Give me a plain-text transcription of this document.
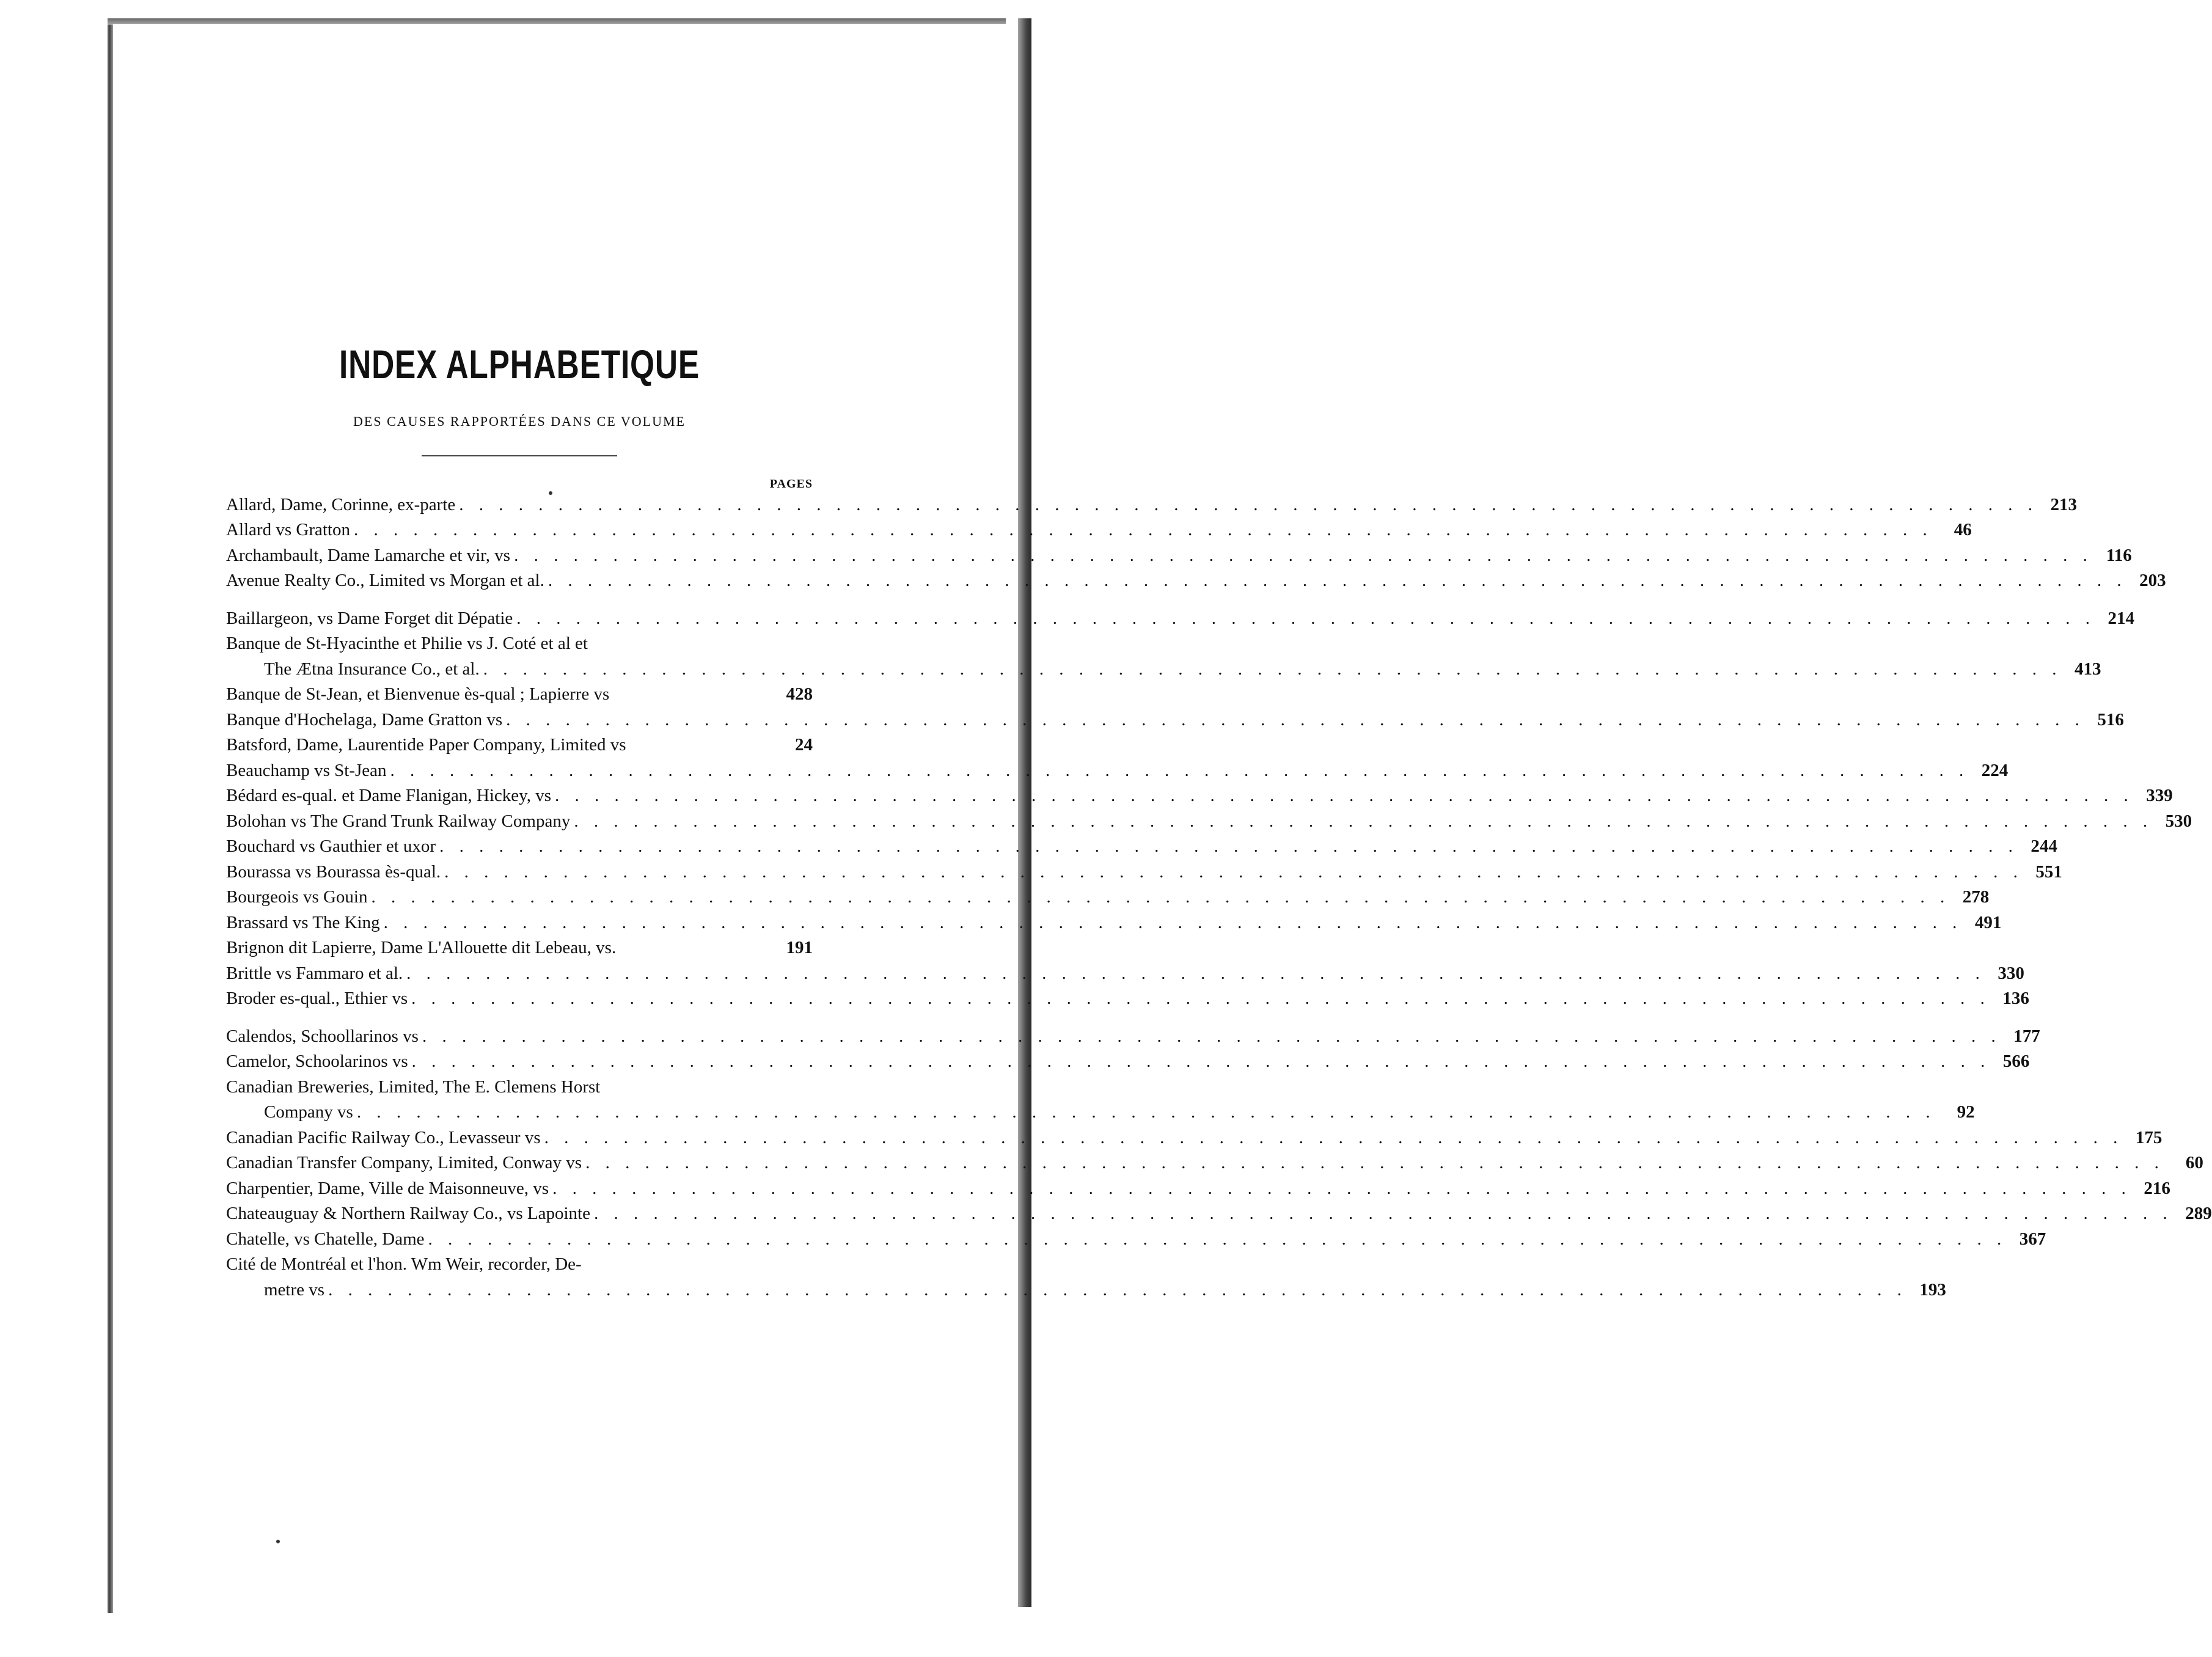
INDEX ALPHABETIQUE
DES CAUSES RAPPORTÉES DANS CE VOLUME
PAGES
Allard, Dame, Corinne, ex-parte . . . . . . . . . . . . . . . . . . . . . . . . . . . . . . . . . . . . . . . . . . . . . . . . . . . . . . . . . . . . . . . . . . . . . . . . . . . . . . . . 213
Allard vs Gratton . . . . . . . . . . . . . . . . . . . . . . . . . . . . . . . . . . . . . . . . . . . . . . . . . . . . . . . . . . . . . . . . . . . . . . . . . . . . . . . .	46
Archambault, Dame Lamarche et vir, vs . . . . . . . . . . . . . . . . . . . . . . . . . . . . . . . . . . . . . . . . . . . . . . . . . . . . . . . . . . . . . . . . . . . . . . . . . . . . . . . . 116
Avenue Realty Co., Limited vs Morgan et al. . . . . . . . . . . . . . . . . . . . . . . . . . . . . . . . . . . . . . . . . . . . . . . . . . . . . . . . . . . . . . . . . . . . . . . . . . . . . . . . . 203
Baillargeon, vs Dame Forget dit Dépatie . . . . . . . . . . . . . . . . . . . . . . . . . . . . . . . . . . . . . . . . . . . . . . . . . . . . . . . . . . . . . . . . . . . . . . . . . . . . . . . . 214
Banque de St-Hyacinthe et Philie vs J. Coté et al et
The Ætna Insurance Co., et al. . . . . . . . . . . . . . . . . . . . . . . . . . . . . . . . . . . . . . . . . . . . . . . . . . . . . . . . . . . . . . . . . . . . . . . . . . . . . . . . . 413
Banque de St-Jean, et Bienvenue ès-qual ; Lapierre vs	428
Banque d'Hochelaga, Dame Gratton vs . . . . . . . . . . . . . . . . . . . . . . . . . . . . . . . . . . . . . . . . . . . . . . . . . . . . . . . . . . . . . . . . . . . . . . . . . . . . . . . . 516
Batsford, Dame, Laurentide Paper Company, Limited vs	24
Beauchamp vs St-Jean . . . . . . . . . . . . . . . . . . . . . . . . . . . . . . . . . . . . . . . . . . . . . . . . . . . . . . . . . . . . . . . . . . . . . . . . . . . . . . . . 224
Bédard es-qual. et Dame Flanigan, Hickey, vs . . . . . . . . . . . . . . . . . . . . . . . . . . . . . . . . . . . . . . . . . . . . . . . . . . . . . . . . . . . . . . . . . . . . . . . . . . . . . . . . 339
Bolohan vs The Grand Trunk Railway Company . . . . . . . . . . . . . . . . . . . . . . . . . . . . . . . . . . . . . . . . . . . . . . . . . . . . . . . . . . . . . . . . . . . . . . . . . . . . . . . . 530
Bouchard vs Gauthier et uxor . . . . . . . . . . . . . . . . . . . . . . . . . . . . . . . . . . . . . . . . . . . . . . . . . . . . . . . . . . . . . . . . . . . . . . . . . . . . . . . . 244
Bourassa vs Bourassa ès-qual. . . . . . . . . . . . . . . . . . . . . . . . . . . . . . . . . . . . . . . . . . . . . . . . . . . . . . . . . . . . . . . . . . . . . . . . . . . . . . . . . 551
Bourgeois vs Gouin . . . . . . . . . . . . . . . . . . . . . . . . . . . . . . . . . . . . . . . . . . . . . . . . . . . . . . . . . . . . . . . . . . . . . . . . . . . . . . . . 278
Brassard vs The King . . . . . . . . . . . . . . . . . . . . . . . . . . . . . . . . . . . . . . . . . . . . . . . . . . . . . . . . . . . . . . . . . . . . . . . . . . . . . . . . 491
Brignon dit Lapierre, Dame L'Allouette dit Lebeau, vs.	191
Brittle vs Fammaro et al. . . . . . . . . . . . . . . . . . . . . . . . . . . . . . . . . . . . . . . . . . . . . . . . . . . . . . . . . . . . . . . . . . . . . . . . . . . . . . . . . 330
Broder es-qual., Ethier vs . . . . . . . . . . . . . . . . . . . . . . . . . . . . . . . . . . . . . . . . . . . . . . . . . . . . . . . . . . . . . . . . . . . . . . . . . . . . . . . . 136
Calendos, Schoollarinos vs . . . . . . . . . . . . . . . . . . . . . . . . . . . . . . . . . . . . . . . . . . . . . . . . . . . . . . . . . . . . . . . . . . . . . . . . . . . . . . . . 177
Camelor, Schoolarinos vs . . . . . . . . . . . . . . . . . . . . . . . . . . . . . . . . . . . . . . . . . . . . . . . . . . . . . . . . . . . . . . . . . . . . . . . . . . . . . . . . 566
Canadian Breweries, Limited, The E. Clemens Horst
Company vs . . . . . . . . . . . . . . . . . . . . . . . . . . . . . . . . . . . . . . . . . . . . . . . . . . . . . . . . . . . . . . . . . . . . . . . . . . . . . . . .	92
Canadian Pacific Railway Co., Levasseur vs . . . . . . . . . . . . . . . . . . . . . . . . . . . . . . . . . . . . . . . . . . . . . . . . . . . . . . . . . . . . . . . . . . . . . . . . . . . . . . . . 175
Canadian Transfer Company, Limited, Conway vs . . . . . . . . . . . . . . . . . . . . . . . . . . . . . . . . . . . . . . . . . . . . . . . . . . . . . . . . . . . . . . . . . . . . . . . . . . . . . . . .	60
Charpentier, Dame, Ville de Maisonneuve, vs . . . . . . . . . . . . . . . . . . . . . . . . . . . . . . . . . . . . . . . . . . . . . . . . . . . . . . . . . . . . . . . . . . . . . . . . . . . . . . . . 216
Chateauguay & Northern Railway Co., vs Lapointe . . . . . . . . . . . . . . . . . . . . . . . . . . . . . . . . . . . . . . . . . . . . . . . . . . . . . . . . . . . . . . . . . . . . . . . . . . . . . . . . 289
Chatelle, vs Chatelle, Dame . . . . . . . . . . . . . . . . . . . . . . . . . . . . . . . . . . . . . . . . . . . . . . . . . . . . . . . . . . . . . . . . . . . . . . . . . . . . . . . . 367
Cité de Montréal et l'hon. Wm Weir, recorder, De-
metre vs . . . . . . . . . . . . . . . . . . . . . . . . . . . . . . . . . . . . . . . . . . . . . . . . . . . . . . . . . . . . . . . . . . . . . . . . . . . . . . . . 193
